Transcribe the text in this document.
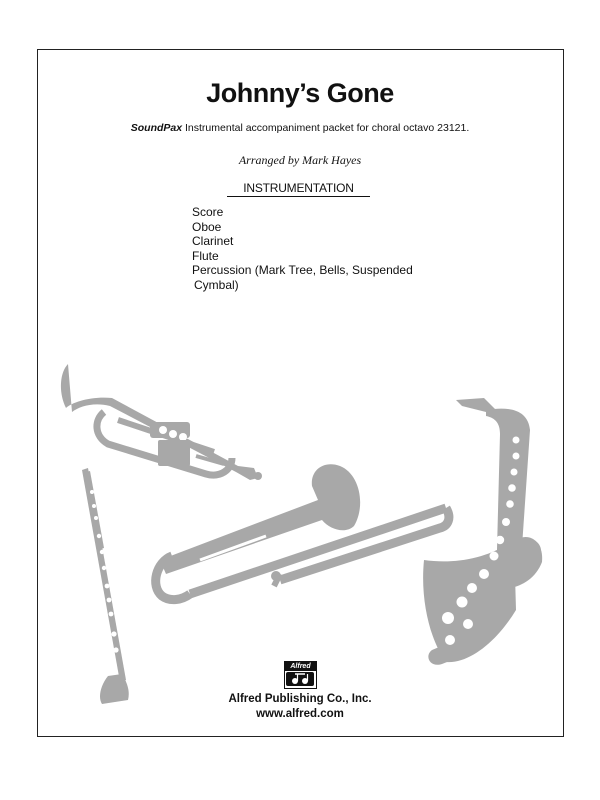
Johnny’s Gone
SoundPax Instrumental accompaniment packet for choral octavo 23121.
Arranged by Mark Hayes
INSTRUMENTATION
Score
Oboe
Clarinet
Flute
Percussion (Mark Tree, Bells, Suspended
Cymbal)
Alfred
Alfred Publishing Co., Inc.
www.alfred.com
